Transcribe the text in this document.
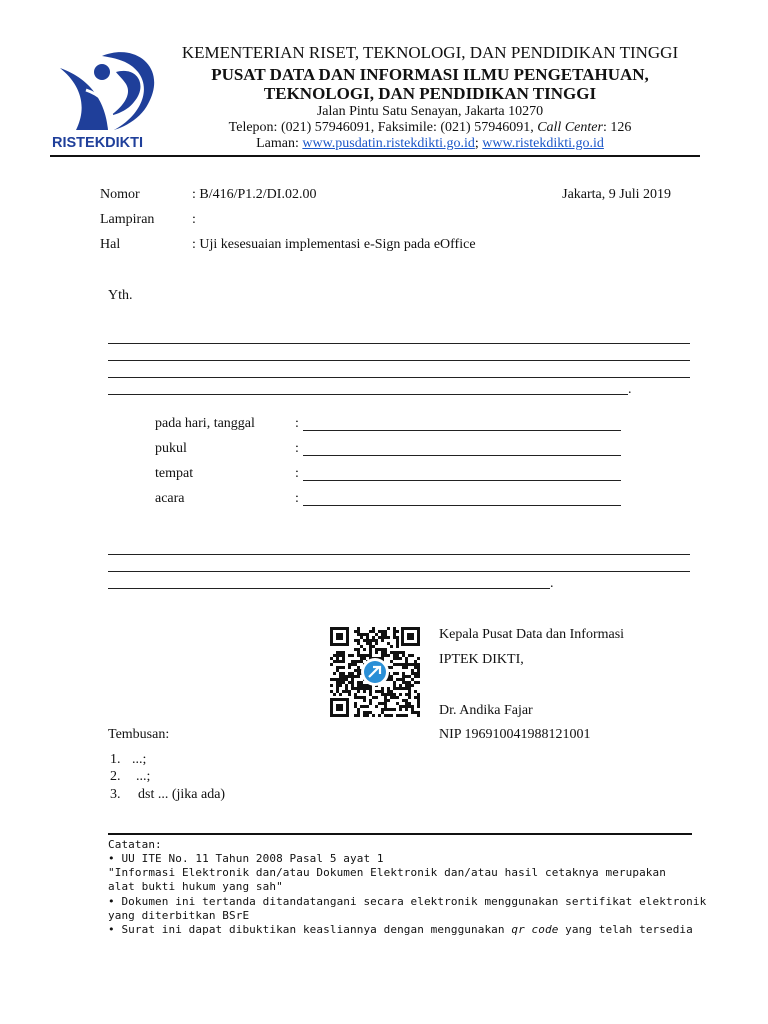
RISTEKDIKTI
KEMENTERIAN RISET, TEKNOLOGI, DAN PENDIDIKAN TINGGI
PUSAT DATA DAN INFORMASI ILMU PENGETAHUAN,
TEKNOLOGI, DAN PENDIDIKAN TINGGI
Jalan Pintu Satu Senayan, Jakarta 10270
Telepon: (021) 57946091, Faksimile: (021) 57946091, Call Center: 126
Laman: www.pusdatin.ristekdikti.go.id; www.ristekdikti.go.id
Nomor	: B/416/P1.2/DI.02.00	Jakarta, 9 Juli 2019
Lampiran	:
Hal	: Uji kesesuaian implementasi e-Sign pada eOffice
Yth.
.
pada hari, tanggal	:
pukul	:
tempat	:
acara	:
.
Kepala Pusat Data dan Informasi
IPTEK DIKTI,
Dr. Andika Fajar
NIP 196910041988121001
Tembusan:
1. ...;
2. ...;
3. dst ... (jika ada)
Catatan:
• UU ITE No. 11 Tahun 2008 Pasal 5 ayat 1
"Informasi Elektronik dan/atau Dokumen Elektronik dan/atau hasil cetaknya merupakan
alat bukti hukum yang sah"
• Dokumen ini tertanda ditandatangani secara elektronik menggunakan sertifikat elektronik
yang diterbitkan BSrE
• Surat ini dapat dibuktikan keasliannya dengan menggunakan qr code yang telah tersedia
